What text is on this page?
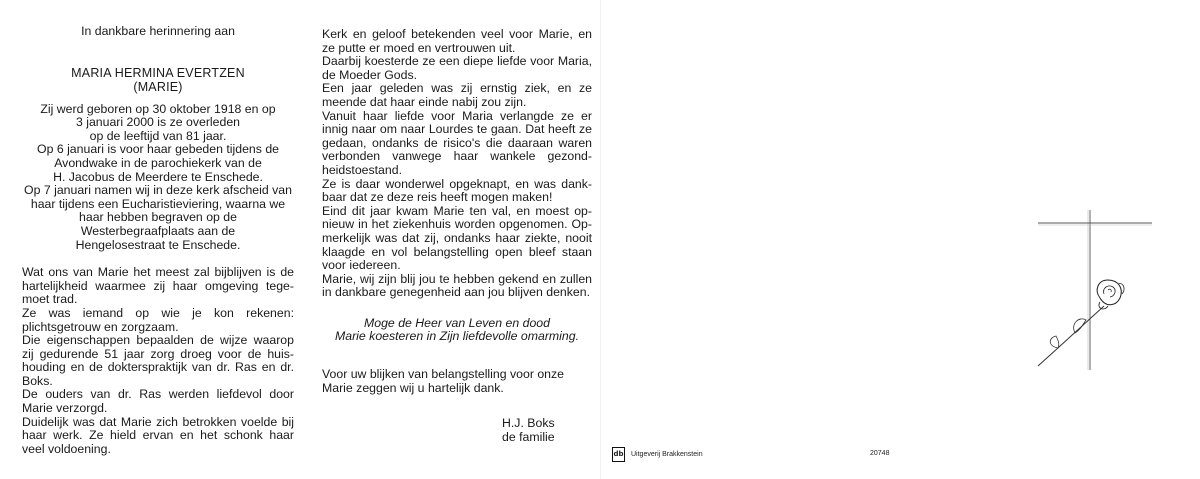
In dankbare herinnering aan

MARIA HERMINA EVERTZEN

(MARIE)

Zij werd geboren op 30 oktober 1918 en op

3 januari 2000 is ze overleden

op de leeftijd van 81 jaar.

Op 6 januari is voor haar gebeden tijdens de

Avondwake in de parochiekerk van de

H. Jacobus de Meerdere te Enschede.

Op 7 januari namen wij in deze kerk afscheid van

haar tijdens een Eucharistieviering, waarna we

haar hebben begraven op de

Westerbegraafplaats aan de

Hengelosestraat te Enschede.

Wat ons van Marie het meest zal bijblijven is de hartelijkheid waarmee zij haar omgeving tege-moet trad.

Ze was iemand op wie je kon rekenen: plichtsgetrouw en zorgzaam.

Die eigenschappen bepaalden de wijze waarop zij gedurende 51 jaar zorg droeg voor de huis-houding en de dokterspraktijk van dr. Ras en dr. Boks.

De ouders van dr. Ras werden liefdevol door Marie verzorgd.

Duidelijk was dat Marie zich betrokken voelde bij haar werk. Ze hield ervan en het schonk haar veel voldoening.

Kerk en geloof betekenden veel voor Marie, en ze putte er moed en vertrouwen uit.

Daarbij koesterde ze een diepe liefde voor Maria, de Moeder Gods.

Een jaar geleden was zij ernstig ziek, en ze meende dat haar einde nabij zou zijn.

Vanuit haar liefde voor Maria verlangde ze er innig naar om naar Lourdes te gaan. Dat heeft ze gedaan, ondanks de risico's die daaraan waren verbonden vanwege haar wankele gezond-heidstoestand.

Ze is daar wonderwel opgeknapt, en was dank-baar dat ze deze reis heeft mogen maken!

Eind dit jaar kwam Marie ten val, en moest op-nieuw in het ziekenhuis worden opgenomen. Op-merkelijk was dat zij, ondanks haar ziekte, nooit klaagde en vol belangstelling open bleef staan voor iedereen.

Marie, wij zijn blij jou te hebben gekend en zullen in dankbare genegenheid aan jou blijven denken.

Moge de Heer van Leven en dood

Marie koesteren in Zijn liefdevolle omarming.

Voor uw blijken van belangstelling voor onze Marie zeggen wij u hartelijk dank.

H.J. Boks

de familie

db Uitgeverij Brakkenstein	20748
